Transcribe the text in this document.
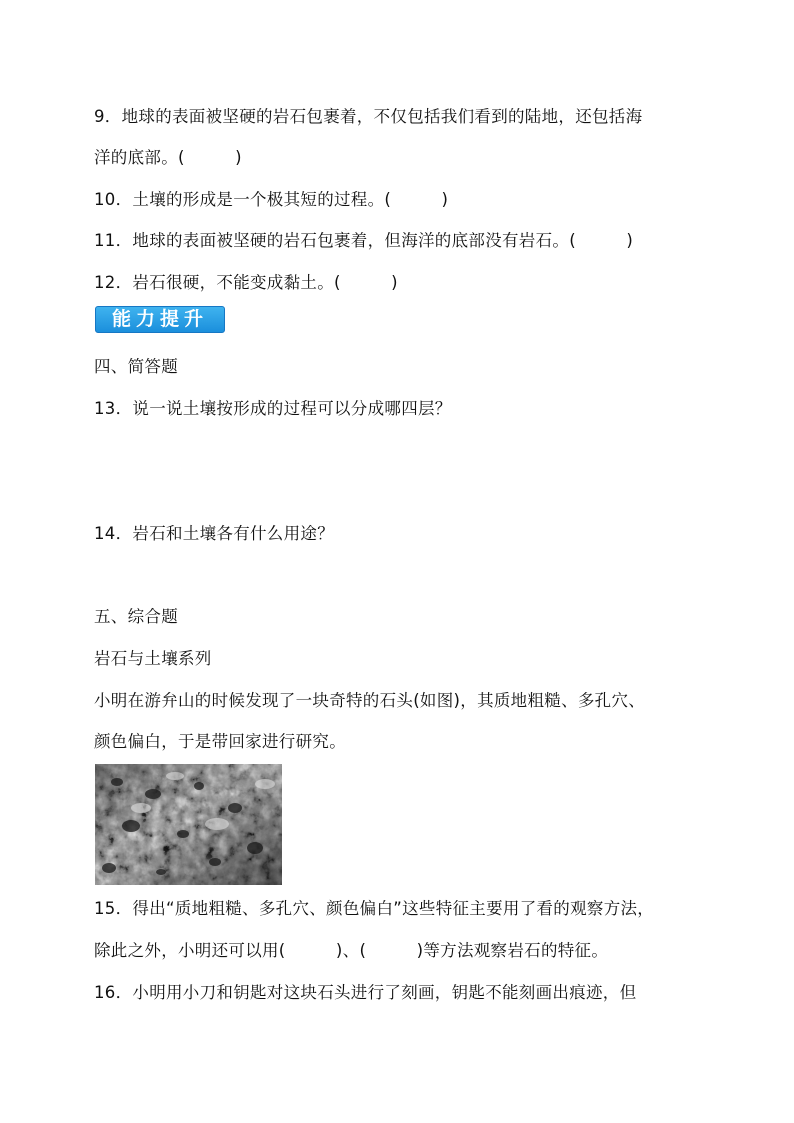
9．地球的表面被坚硬的岩石包裹着，不仅包括我们看到的陆地，还包括海
洋的底部。(　　　)
10．土壤的形成是一个极其短的过程。(　　　)
11．地球的表面被坚硬的岩石包裹着，但海洋的底部没有岩石。(　　　)
12．岩石很硬，不能变成黏土。(　　　)
能力提升
四、简答题
13．说一说土壤按形成的过程可以分成哪四层？
14．岩石和土壤各有什么用途？
五、综合题
岩石与土壤系列
小明在游弁山的时候发现了一块奇特的石头(如图)，其质地粗糙、多孔穴、
颜色偏白，于是带回家进行研究。
15．得出“质地粗糙、多孔穴、颜色偏白”这些特征主要用了看的观察方法，
除此之外，小明还可以用(　　　)、(　　　)等方法观察岩石的特征。
16．小明用小刀和钥匙对这块石头进行了刻画，钥匙不能刻画出痕迹，但
